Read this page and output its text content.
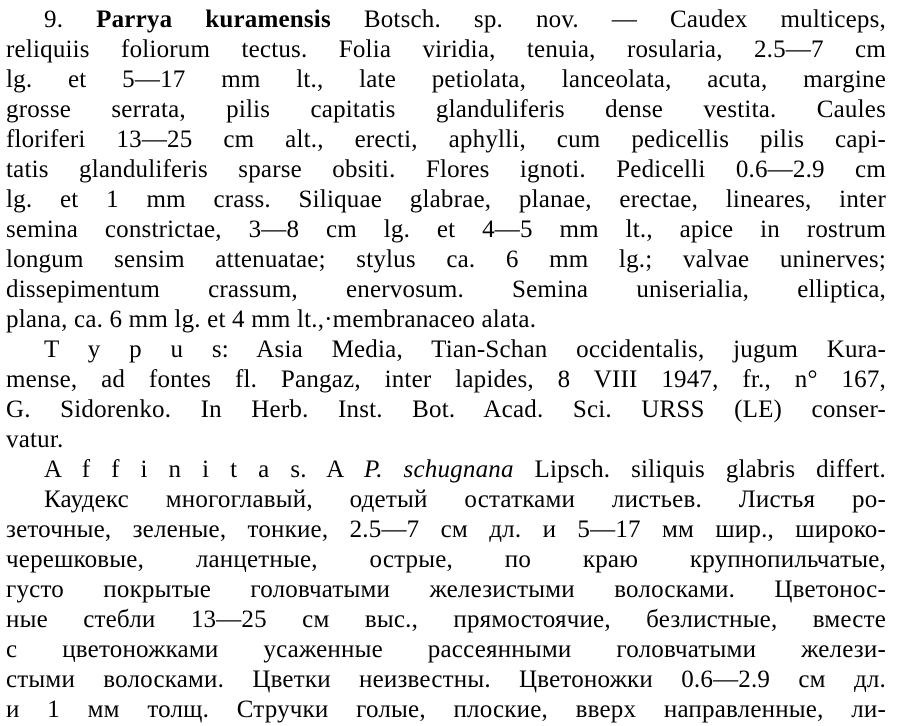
9. Parrya kuramensis Botsch. sp. nov. — Caudex multiceps,
reliquiis foliorum tectus. Folia viridia, tenuia, rosularia, 2.5—7 cm
lg. et 5—17 mm lt., late petiolata, lanceolata, acuta, margine
grosse serrata, pilis capitatis glanduliferis dense vestita. Caules
floriferi 13—25 cm alt., erecti, aphylli, cum pedicellis pilis capi-
tatis glanduliferis sparse obsiti. Flores ignoti. Pedicelli 0.6—2.9 cm
lg. et 1 mm crass. Siliquae glabrae, planae, erectae, lineares, inter
semina constrictae, 3—8 cm lg. et 4—5 mm lt., apice in rostrum
longum sensim attenuatae; stylus ca. 6 mm lg.; valvae uninerves;
dissepimentum crassum, enervosum. Semina uniserialia, elliptica,
plana, ca. 6 mm lg. et 4 mm lt.,·membranaceo alata.

T y p u s: Asia Media, Tian-Schan occidentalis, jugum Kura-
mense, ad fontes fl. Pangaz, inter lapides, 8 VIII 1947, fr., n° 167,
G. Sidorenko. In Herb. Inst. Bot. Acad. Sci. URSS (LE) conser-
vatur.

A f f i n i t a s. A P. schugnana Lipsch. siliquis glabris differt.

Каудекс многоглавый, одетый остатками листьев. Листья ро-
зеточные, зеленые, тонкие, 2.5—7 см дл. и 5—17 мм шир., широко-
черешковые, ланцетные, острые, по краю крупнопильчатые,
густо покрытые головчатыми железистыми волосками. Цветонос-
ные стебли 13—25 см выс., прямостоячие, безлистные, вместе
с цветоножками усаженные рассеянными головчатыми желези-
стыми волосками. Цветки неизвестны. Цветоножки 0.6—2.9 см дл.
и 1 мм толщ. Стручки голые, плоские, вверх направленные, ли-
